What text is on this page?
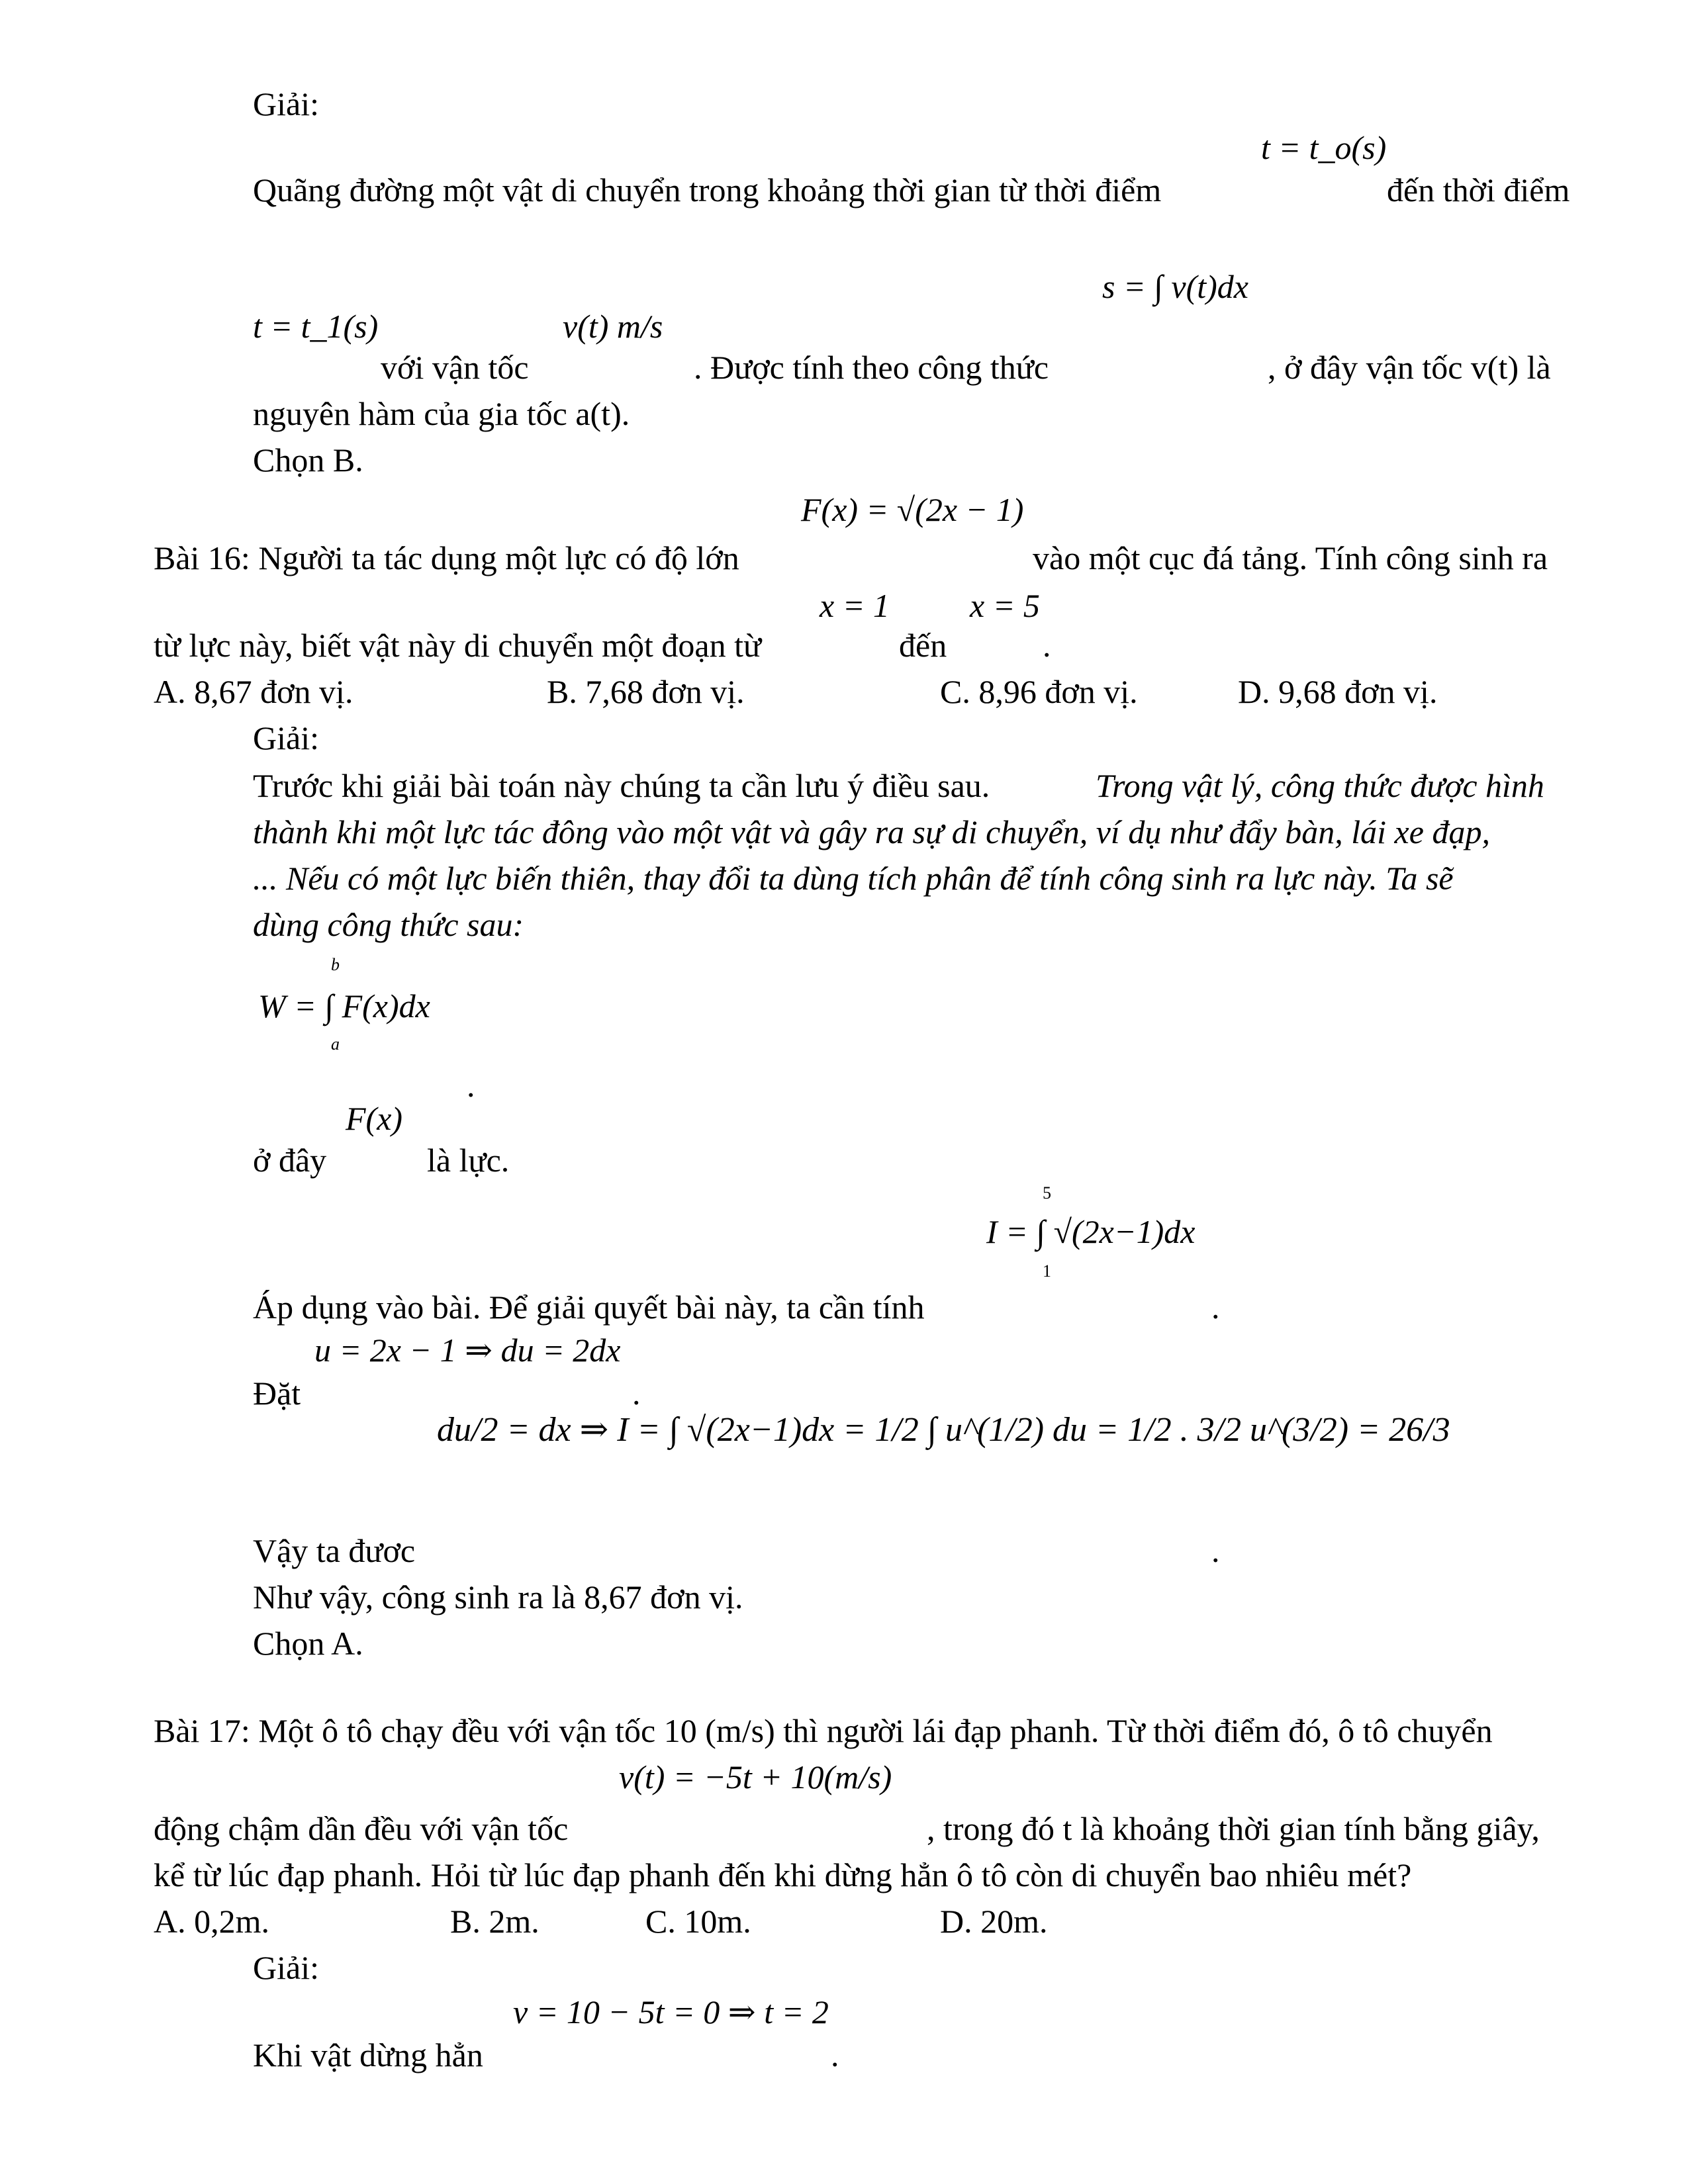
Giải:
t = t_o(s)
Quãng đường một vật di chuyển trong khoảng thời gian từ thời điểm	đến thời điểm
t = t_1(s)	v(t) m/s
s = ∫ v(t)dx
với vận tốc	. Được tính theo công thức	, ở đây vận tốc v(t) là
nguyên hàm của gia tốc a(t).
Chọn B.
F(x) = √(2x − 1)
Bài 16: Người ta tác dụng một lực có độ lớn	vào một cục đá tảng. Tính công sinh ra
x = 1 x = 5
từ lực này, biết vật này di chuyển một đoạn từ	đến	.
A. 8,67 đơn vị.	B. 7,68 đơn vị.	C. 8,96 đơn vị.	D. 9,68 đơn vị.
Giải:
Trước khi giải bài toán này chúng ta cần lưu ý điều sau.	Trong vật lý, công thức được hình
thành khi một lực tác đông vào một vật và gây ra sự di chuyển, ví dụ như đẩy bàn, lái xe đạp,
... Nếu có một lực biến thiên, thay đổi ta dùng tích phân để tính công sinh ra lực này. Ta sẽ
dùng công thức sau:
b
W = ∫ F(x)dx
a
.
F(x)
ở đây	là lực.
5
I = ∫ √(2x−1)dx
1
Áp dụng vào bài. Để giải quyết bài này, ta cần tính	.
u = 2x − 1 ⇒ du = 2dx
Đặt	.
du/2 = dx ⇒ I = ∫ √(2x−1)dx = 1/2 ∫ u^(1/2) du = 1/2 . 3/2 u^(3/2) = 26/3
Vậy ta đươc	.
Như vậy, công sinh ra là 8,67 đơn vị.
Chọn A.
Bài 17: Một ô tô chạy đều với vận tốc 10 (m/s) thì người lái đạp phanh. Từ thời điểm đó, ô tô chuyển
v(t) = −5t + 10(m/s)
động chậm dần đều với vận tốc	, trong đó t là khoảng thời gian tính bằng giây,
kể từ lúc đạp phanh. Hỏi từ lúc đạp phanh đến khi dừng hẳn ô tô còn di chuyển bao nhiêu mét?
A. 0,2m.	B. 2m.	C. 10m.	D. 20m.
Giải:
v = 10 − 5t = 0 ⇒ t = 2
Khi vật dừng hẳn	.
